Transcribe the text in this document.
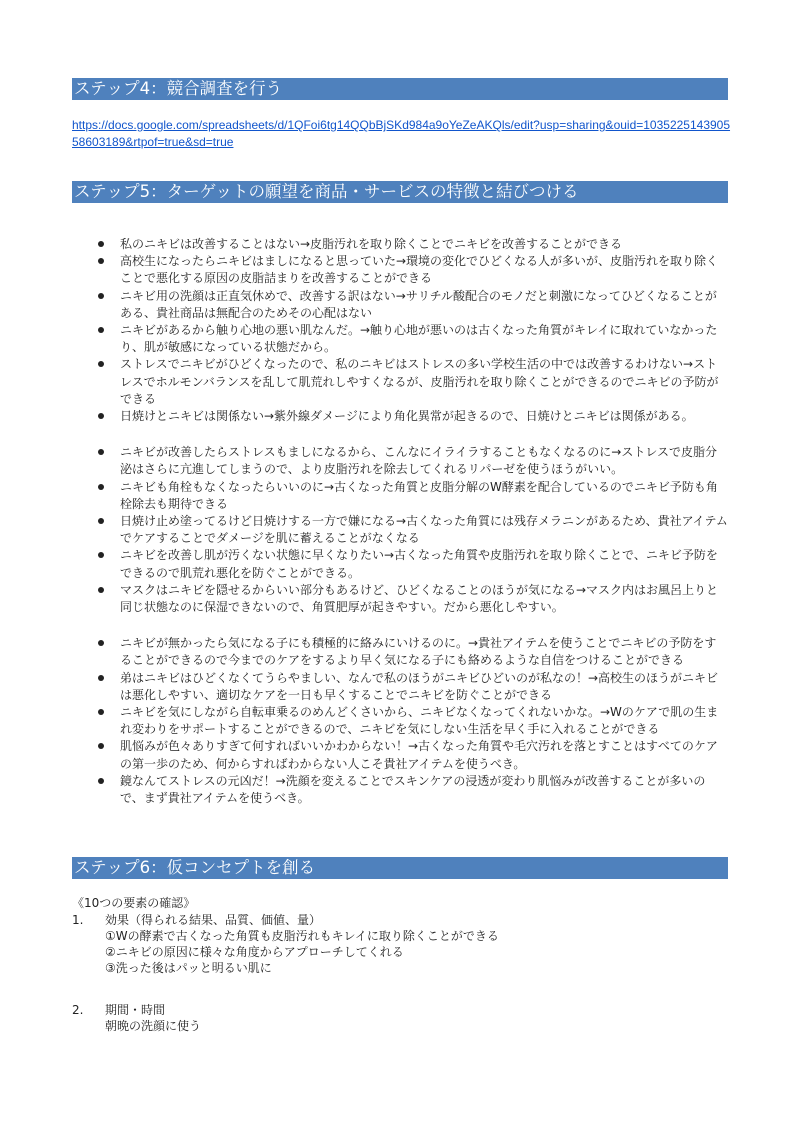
ステップ4：競合調査を行う
https://docs.google.com/spreadsheets/d/1QFoi6tg14QQbBjSKd984a9oYeZeAKQls/edit?usp=sharing&ouid=103522514390558603189&rtpof=true&sd=true
ステップ5：ターゲットの願望を商品・サービスの特徴と結びつける
私のニキビは改善することはない→皮脂汚れを取り除くことでニキビを改善することができる
高校生になったらニキビはましになると思っていた→環境の変化でひどくなる人が多いが、皮脂汚れを取り除くことで悪化する原因の皮脂詰まりを改善することができる
ニキビ用の洗顔は正直気休めで、改善する訳はない→サリチル酸配合のモノだと刺激になってひどくなることがある、貴社商品は無配合のためその心配はない
ニキビがあるから触り心地の悪い肌なんだ。→触り心地が悪いのは古くなった角質がキレイに取れていなかったり、肌が敏感になっている状態だから。
ストレスでニキビがひどくなったので、私のニキビはストレスの多い学校生活の中では改善するわけない→ストレスでホルモンバランスを乱して肌荒れしやすくなるが、皮脂汚れを取り除くことができるのでニキビの予防ができる
日焼けとニキビは関係ない→紫外線ダメージにより角化異常が起きるので、日焼けとニキビは関係がある。
ニキビが改善したらストレスもましになるから、こんなにイライラすることもなくなるのに→ストレスで皮脂分泌はさらに亢進してしまうので、より皮脂汚れを除去してくれるリパーゼを使うほうがいい。
ニキビも角栓もなくなったらいいのに→古くなった角質と皮脂分解のW酵素を配合しているのでニキビ予防も角栓除去も期待できる
日焼け止め塗ってるけど日焼けする一方で嫌になる→古くなった角質には残存メラニンがあるため、貴社アイテムでケアすることでダメージを肌に蓄えることがなくなる
ニキビを改善し肌が汚くない状態に早くなりたい→古くなった角質や皮脂汚れを取り除くことで、ニキビ予防をできるので肌荒れ悪化を防ぐことができる。
マスクはニキビを隠せるからいい部分もあるけど、ひどくなることのほうが気になる→マスク内はお風呂上りと同じ状態なのに保湿できないので、角質肥厚が起きやすい。だから悪化しやすい。
ニキビが無かったら気になる子にも積極的に絡みにいけるのに。→貴社アイテムを使うことでニキビの予防をすることができるので今までのケアをするより早く気になる子にも絡めるような自信をつけることができる
弟はニキビはひどくなくてうらやましい、なんで私のほうがニキビひどいのが私なの！→高校生のほうがニキビは悪化しやすい、適切なケアを一日も早くすることでニキビを防ぐことができる
ニキビを気にしながら自転車乗るのめんどくさいから、ニキビなくなってくれないかな。→Wのケアで肌の生まれ変わりをサポートすることができるので、ニキビを気にしない生活を早く手に入れることができる
肌悩みが色々ありすぎて何すればいいかわからない！→古くなった角質や毛穴汚れを落とすことはすべてのケアの第一歩のため、何からすればわからない人こそ貴社アイテムを使うべき。
鏡なんてストレスの元凶だ！→洗顔を変えることでスキンケアの浸透が変わり肌悩みが改善することが多いので、まず貴社アイテムを使うべき。
ステップ6：仮コンセプトを創る
《10つの要素の確認》
1. 効果（得られる結果、品質、価値、量）
①Wの酵素で古くなった角質も皮脂汚れもキレイに取り除くことができる
②ニキビの原因に様々な角度からアプローチしてくれる
③洗った後はパッと明るい肌に
2. 期間・時間
朝晩の洗顔に使う
